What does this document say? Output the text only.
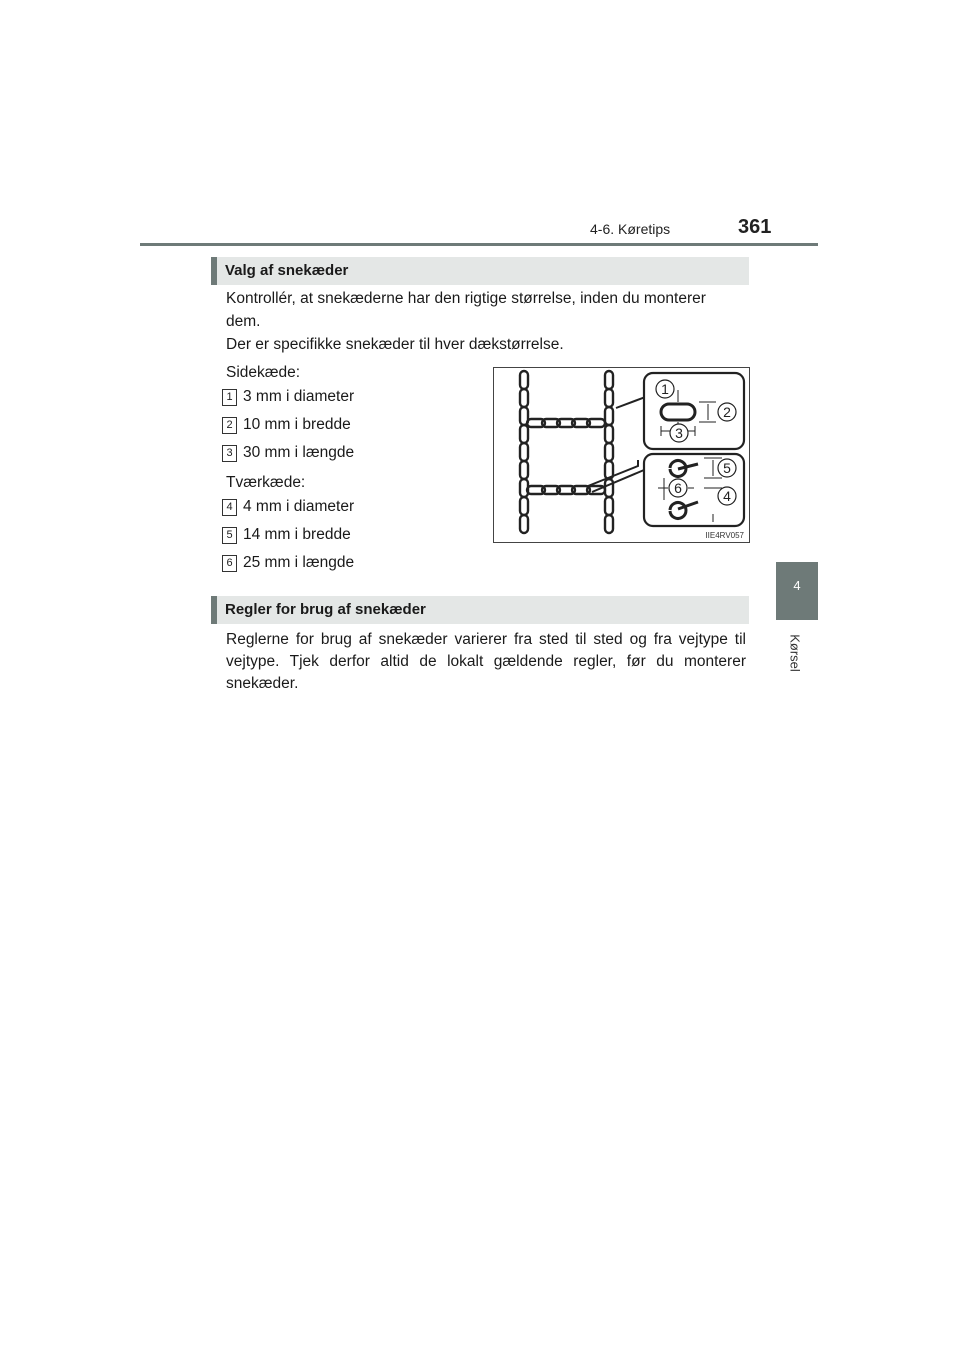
4-6. Køretips	361
4
Kørsel
Valg af snekæder
Kontrollér, at snekæderne har den rigtige størrelse, inden du monterer
dem.
Der er specifikke snekæder til hver dækstørrelse.
Sidekæde:
1 3 mm i diameter
2 10 mm i bredde
3 30 mm i længde
Tværkæde:
4 4 mm i diameter
5 14 mm i bredde
6 25 mm i længde
1
2
3
5
6	4
IIE4RV057
Regler for brug af snekæder
Reglerne for brug af snekæder varierer fra sted til sted og fra vejtype til vejtype. Tjek derfor altid de lokalt gældende regler, før du monterer snekæder.
